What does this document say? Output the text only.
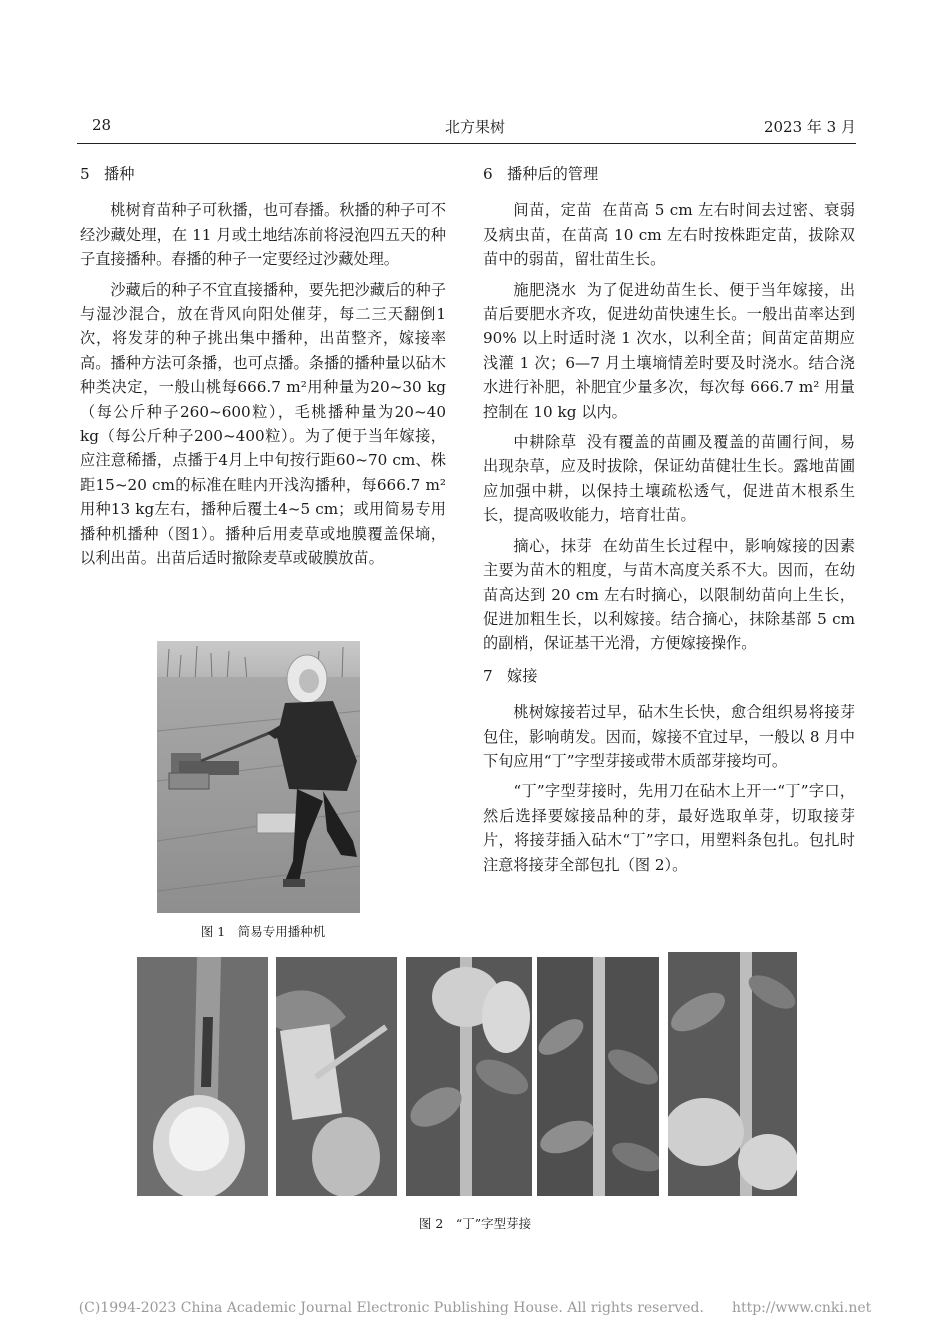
28	北方果树	2023 年 3 月
5 播种

桃树育苗种子可秋播，也可春播。秋播的种子可不经沙藏处理，在 11 月或土地结冻前将浸泡四五天的种子直接播种。春播的种子一定要经过沙藏处理。

沙藏后的种子不宜直接播种，要先把沙藏后的种子与湿沙混合，放在背风向阳处催芽，每二三天翻倒1次，将发芽的种子挑出集中播种，出苗整齐，嫁接率高。播种方法可条播，也可点播。条播的播种量以砧木种类决定，一般山桃每666.7 m²用种量为20~30 kg（每公斤种子260~600粒），毛桃播种量为20~40 kg（每公斤种子200~400粒）。为了便于当年嫁接，应注意稀播，点播于4月上中旬按行距60~70 cm、株距15~20 cm的标准在畦内开浅沟播种，每666.7 m²用种13 kg左右，播种后覆土4~5 cm；或用简易专用播种机播种（图1）。播种后用麦草或地膜覆盖保墒，以利出苗。出苗后适时撤除麦草或破膜放苗。

图 1　简易专用播种机
6 播种后的管理

间苗，定苗 在苗高 5 cm 左右时间去过密、衰弱及病虫苗，在苗高 10 cm 左右时按株距定苗，拔除双苗中的弱苗，留壮苗生长。

施肥浇水 为了促进幼苗生长、便于当年嫁接，出苗后要肥水齐攻，促进幼苗快速生长。一般出苗率达到 90% 以上时适时浇 1 次水，以利全苗；间苗定苗期应浅灌 1 次；6—7 月土壤墒情差时要及时浇水。结合浇水进行补肥，补肥宜少量多次，每次每 666.7 m² 用量控制在 10 kg 以内。

中耕除草 没有覆盖的苗圃及覆盖的苗圃行间，易出现杂草，应及时拔除，保证幼苗健壮生长。露地苗圃应加强中耕，以保持土壤疏松透气，促进苗木根系生长，提高吸收能力，培育壮苗。

摘心，抹芽 在幼苗生长过程中，影响嫁接的因素主要为苗木的粗度，与苗木高度关系不大。因而，在幼苗高达到 20 cm 左右时摘心，以限制幼苗向上生长，促进加粗生长，以利嫁接。结合摘心，抹除基部 5 cm 的副梢，保证基干光滑，方便嫁接操作。

7 嫁接

桃树嫁接若过早，砧木生长快，愈合组织易将接芽包住，影响萌发。因而，嫁接不宜过早，一般以 8 月中下旬应用“丁”字型芽接或带木质部芽接均可。

“丁”字型芽接时，先用刀在砧木上开一“丁”字口，然后选择要嫁接品种的芽，最好选取单芽，切取接芽片，将接芽插入砧木“丁”字口，用塑料条包扎。包扎时注意将接芽全部包扎（图 2）。

图 2　“丁”字型芽接
(C)1994-2023 China Academic Journal Electronic Publishing House. All rights reserved.　　http://www.cnki.net
